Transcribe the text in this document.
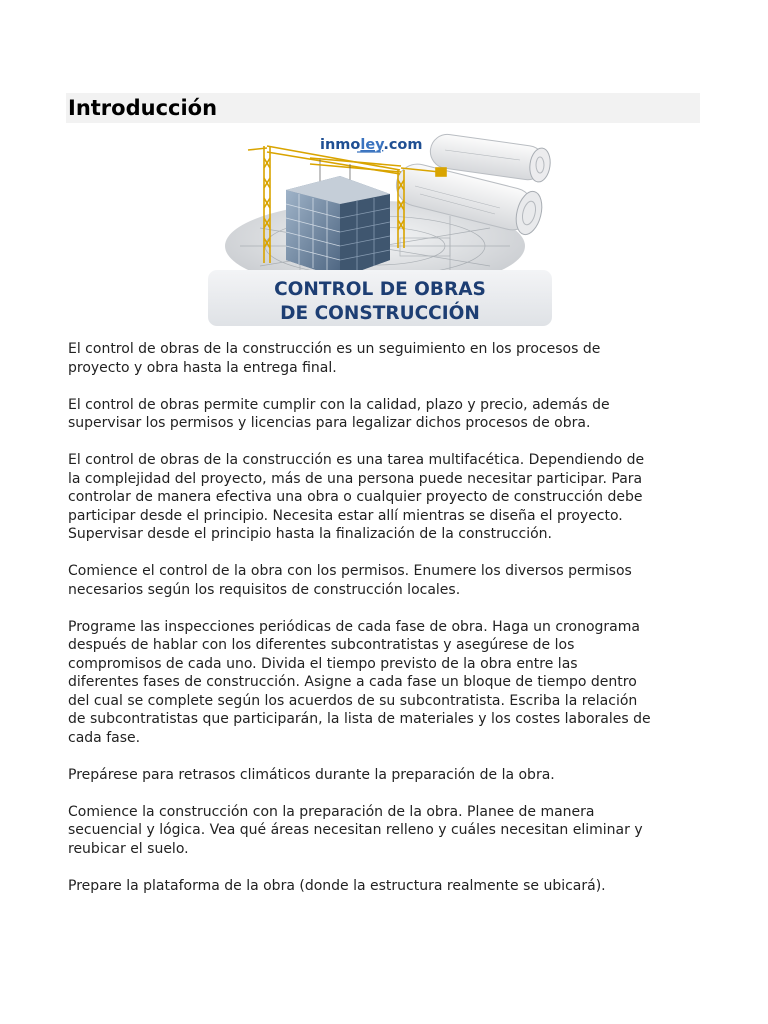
Introducción
inmoley.com
CONTROL DE OBRAS
DE CONSTRUCCIÓN

El control de obras de la construcción es un seguimiento en los procesos de
proyecto y obra hasta la entrega final.

El control de obras permite cumplir con la calidad, plazo y precio, además de
supervisar los permisos y licencias para legalizar dichos procesos de obra.

El control de obras de la construcción es una tarea multifacética. Dependiendo de
la complejidad del proyecto, más de una persona puede necesitar participar. Para
controlar de manera efectiva una obra o cualquier proyecto de construcción debe
participar desde el principio. Necesita estar allí mientras se diseña el proyecto.
Supervisar desde el principio hasta la finalización de la construcción.

Comience el control de la obra con los permisos. Enumere los diversos permisos
necesarios según los requisitos de construcción locales.

Programe las inspecciones periódicas de cada fase de obra. Haga un cronograma
después de hablar con los diferentes subcontratistas y asegúrese de los
compromisos de cada uno. Divida el tiempo previsto de la obra entre las
diferentes fases de construcción. Asigne a cada fase un bloque de tiempo dentro
del cual se complete según los acuerdos de su subcontratista. Escriba la relación
de subcontratistas que participarán, la lista de materiales y los costes laborales de
cada fase.

Prepárese para retrasos climáticos durante la preparación de la obra.

Comience la construcción con la preparación de la obra. Planee de manera
secuencial y lógica. Vea qué áreas necesitan relleno y cuáles necesitan eliminar y
reubicar el suelo.

Prepare la plataforma de la obra (donde la estructura realmente se ubicará).
